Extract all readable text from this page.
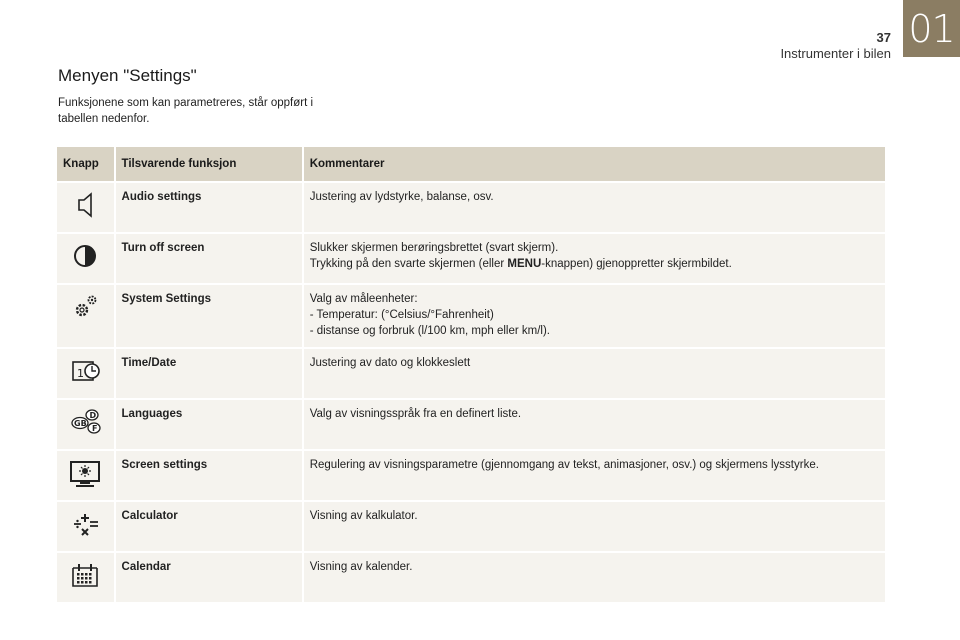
01
37
Instrumenter i bilen
Menyen "Settings"

Funksjonene som kan parametreres, står oppført i tabellen nedenfor.

Knapp	Tilsvarende funksjon	Kommentarer
	Audio settings	Justering av lydstyrke, balanse, osv.
	Turn off screen	Slukker skjermen berøringsbrettet (svart skjerm).
Trykking på den svarte skjermen (eller MENU-knappen) gjenoppretter skjermbildet.
	System Settings	Valg av måleenheter:
- Temperatur: (°Celsius/°Fahrenheit)
- distanse og forbruk (l/100 km, mph eller km/l).

1	Time/Date	Justering av dato og klokkeslett

D
GB
F	Languages	Valg av visningsspråk fra en definert liste.
	Screen settings	Regulering av visningsparametre (gjennomgang av tekst, animasjoner, osv.) og skjermens lysstyrke.
	Calculator	Visning av kalkulator.
	Calendar	Visning av kalender.
